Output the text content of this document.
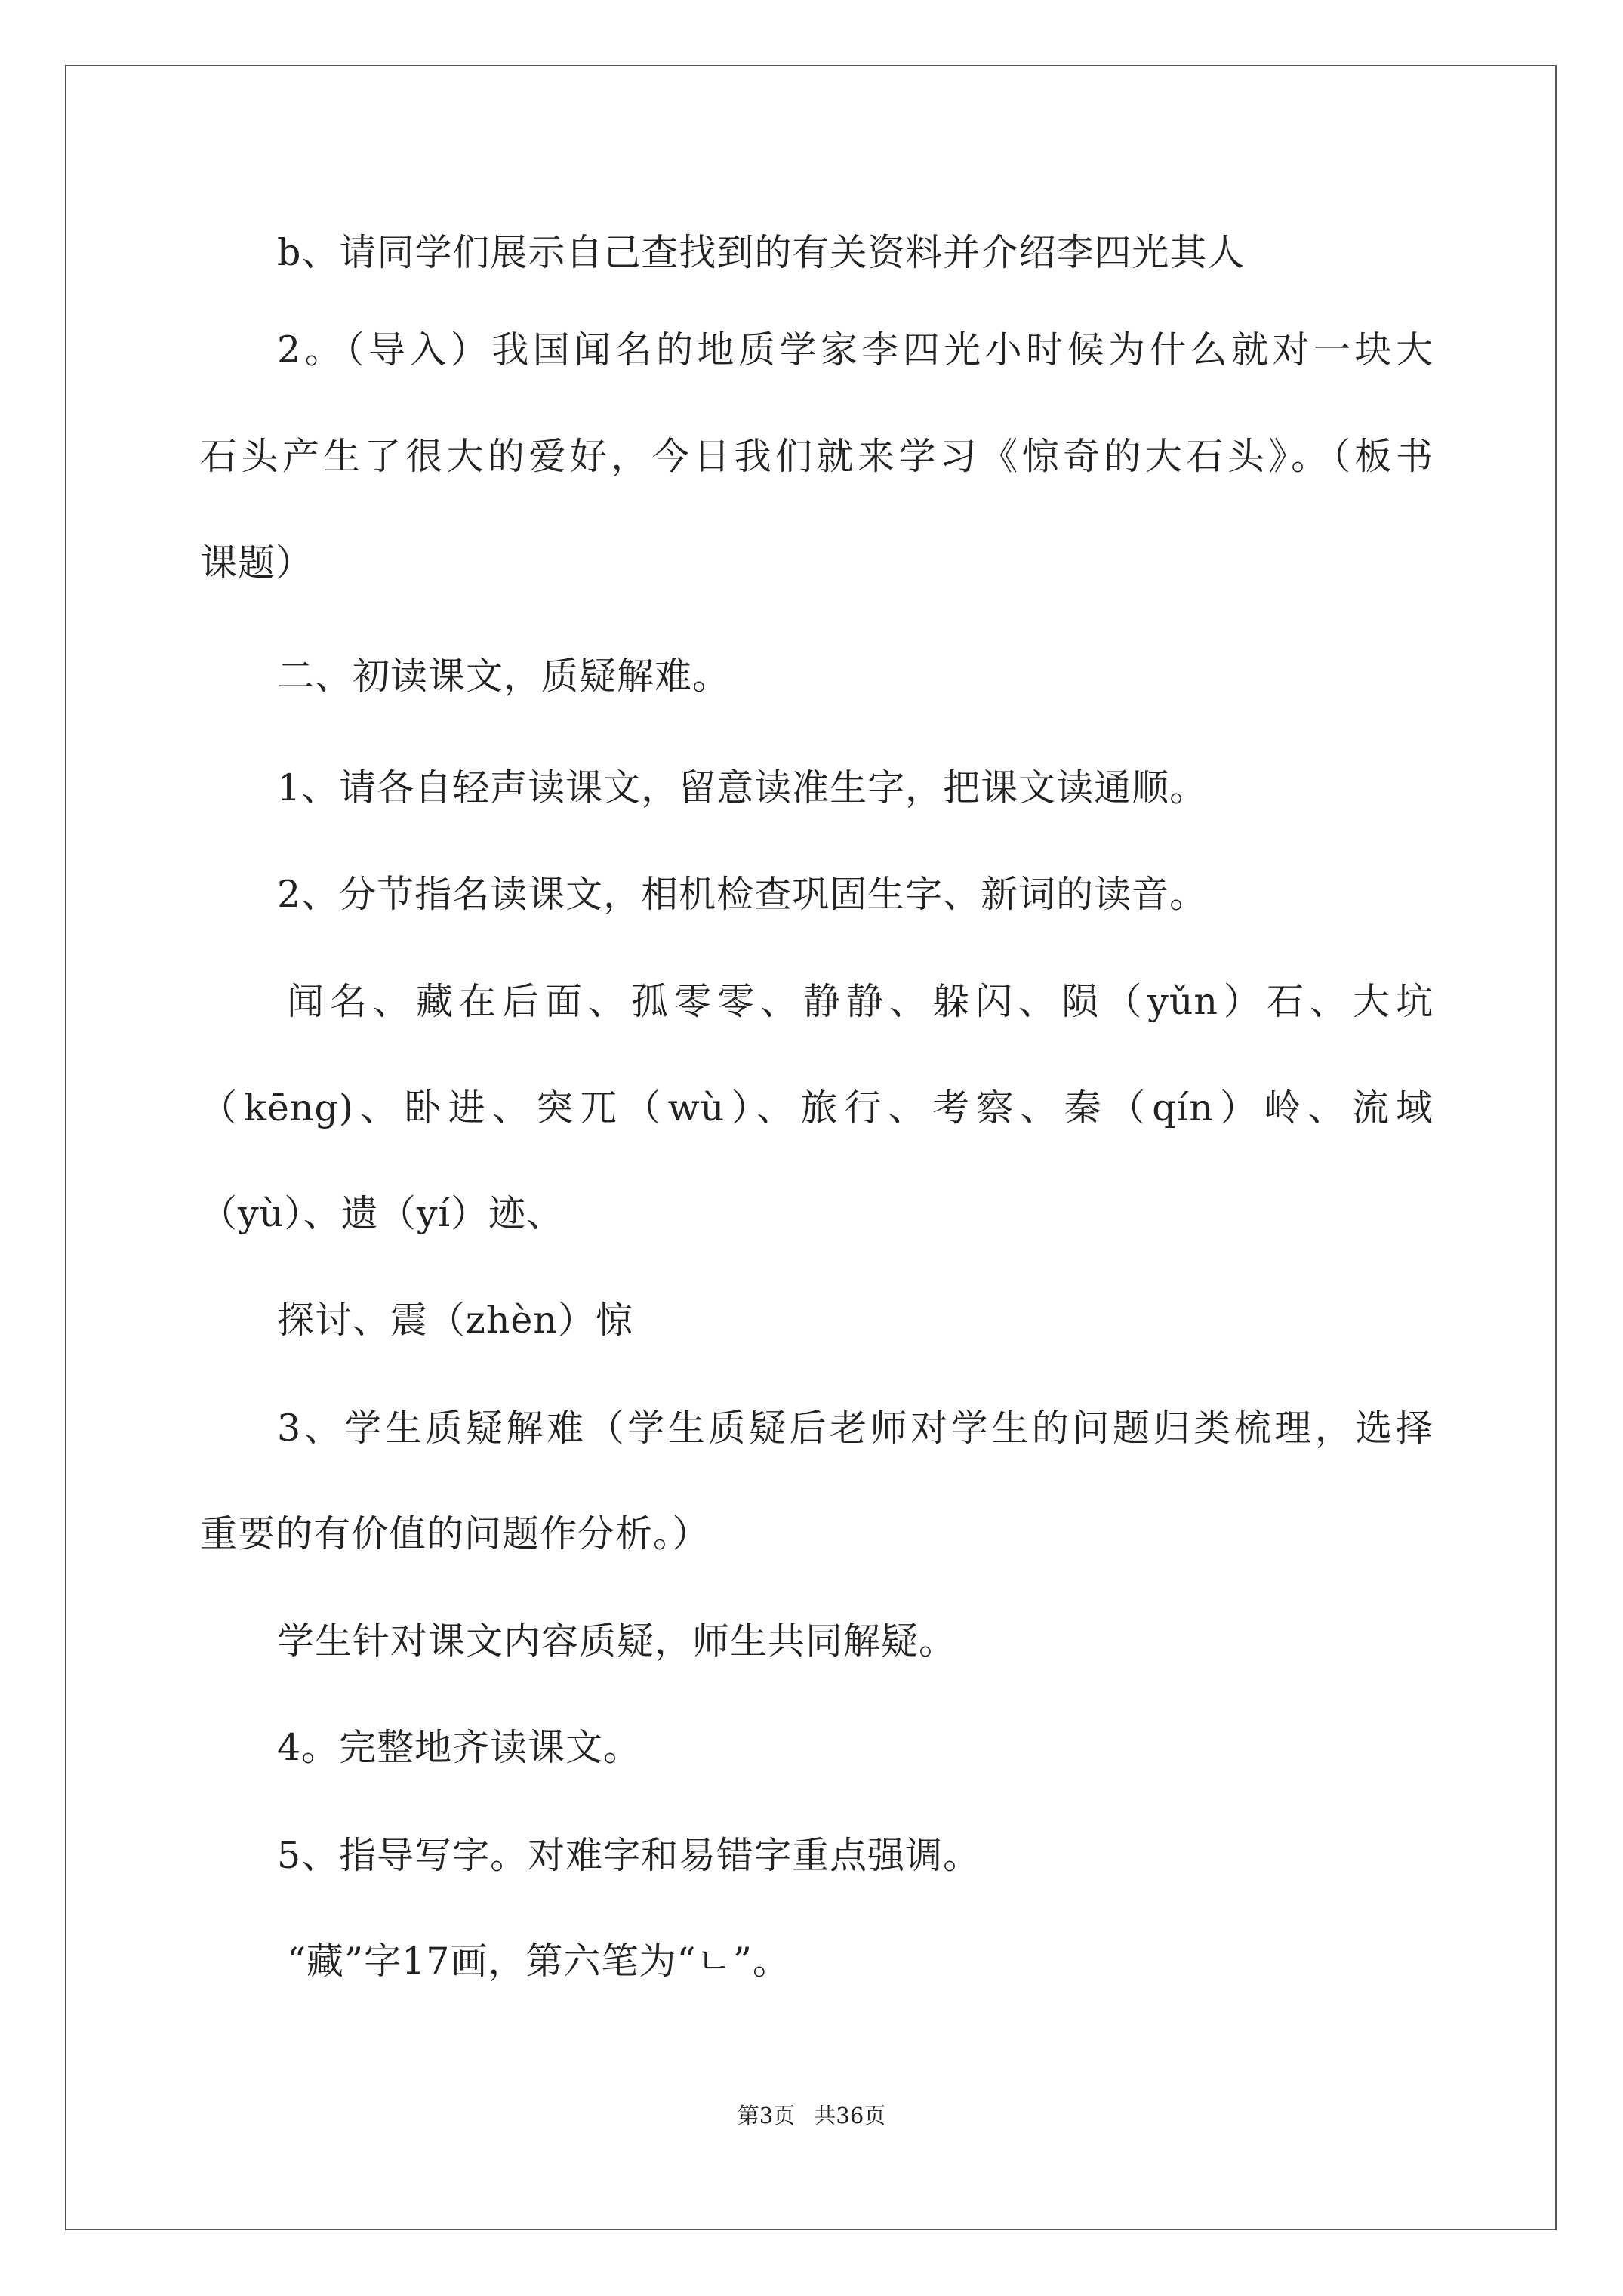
b、请同学们展示自己查找到的有关资料并介绍李四光其人
2。（导入）我国闻名的地质学家李四光小时候为什么就对一块大
石头产生了很大的爱好，今日我们就来学习《惊奇的大石头》。（板书
课题）
二、初读课文，质疑解难。
1、请各自轻声读课文，留意读准生字，把课文读通顺。
2、分节指名读课文，相机检查巩固生字、新词的读音。
闻名、藏在后面、孤零零、静静、躲闪、陨（yǔn）石、大坑
（kēng)、卧进、突兀（wù）、旅行、考察、秦（qín）岭、流域
（yù）、遗（yí）迹、
探讨、震（zhèn）惊
3、学生质疑解难（学生质疑后老师对学生的问题归类梳理，选择
重要的有价值的问题作分析。）
学生针对课文内容质疑，师生共同解疑。
4。完整地齐读课文。
5、指导写字。对难字和易错字重点强调。
“藏”字17画，第六笔为“ㄴ”。
第3页 共36页
